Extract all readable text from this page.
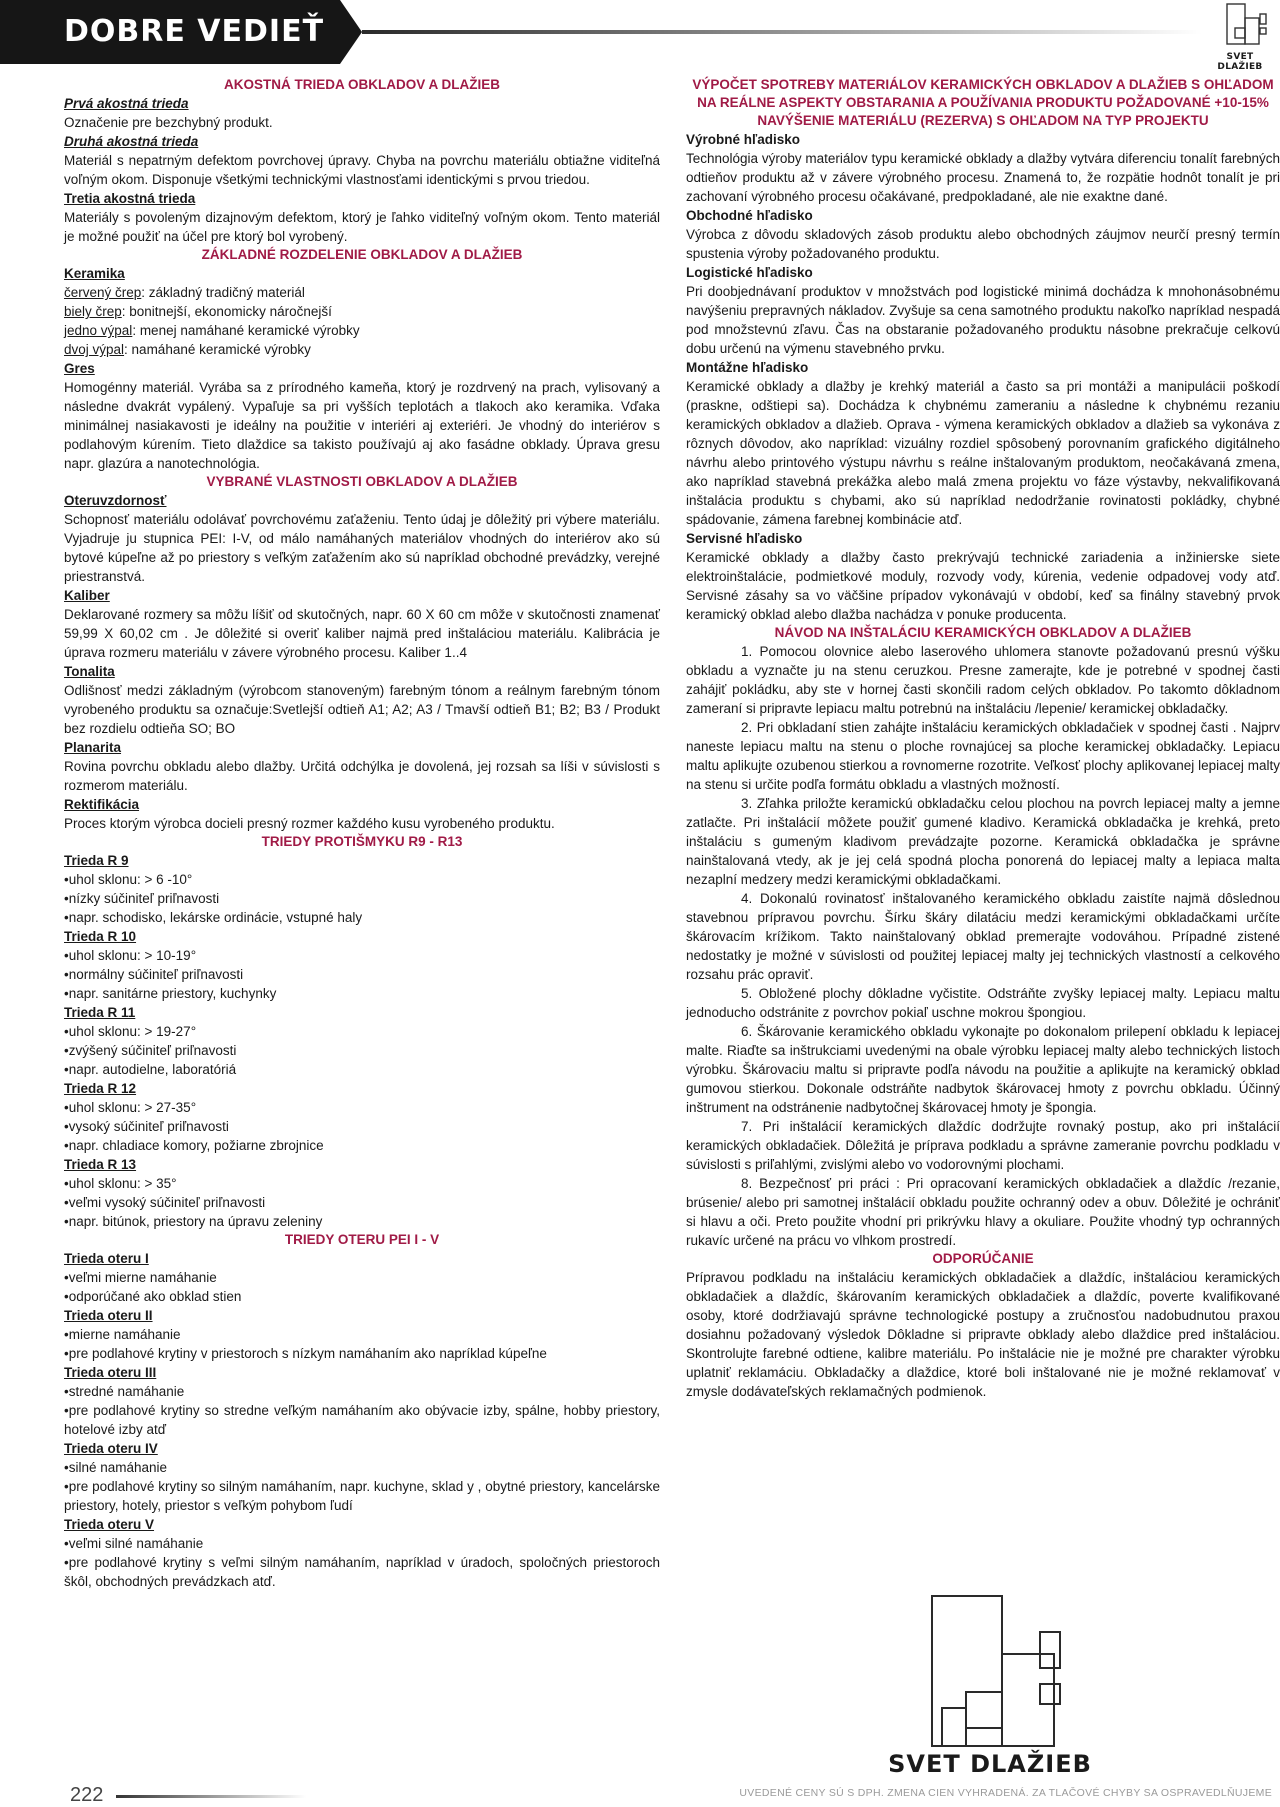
DOBRE VEDIEŤ
SVET DLAŽIEB

AKOSTNÁ TRIEDA OBKLADOV A DLAŽIEB

Prvá akostná trieda

Označenie pre bezchybný produkt.

Druhá akostná trieda

Materiál s nepatrným defektom povrchovej úpravy. Chyba na povrchu materiálu obtiažne viditeľná voľným okom. Disponuje všetkými technickými vlastnosťami identickými s prvou triedou.

Tretia akostná trieda

Materiály s povoleným dizajnovým defektom, ktorý je ľahko viditeľný voľným okom. Tento materiál je možné použiť na účel pre ktorý bol vyrobený.

ZÁKLADNÉ ROZDELENIE OBKLADOV A DLAŽIEB

Keramika

červený črep: základný tradičný materiál

biely črep: bonitnejší, ekonomicky náročnejší

jedno výpal: menej namáhané keramické výrobky

dvoj výpal: namáhané keramické výrobky

Gres

Homogénny materiál. Vyrába sa z prírodného kameňa, ktorý je rozdrvený na prach, vylisovaný a následne dvakrát vypálený. Vypaľuje sa pri vyšších teplotách a tlakoch ako keramika. Vďaka minimálnej nasiakavosti je ideálny na použitie v interiéri aj exteriéri. Je vhodný do interiérov s podlahovým kúrením. Tieto dlaždice sa takisto používajú aj ako fasádne obklady. Úprava gresu napr. glazúra a nanotechnológia.

VYBRANÉ VLASTNOSTI OBKLADOV A DLAŽIEB

Oteruvzdornosť

Schopnosť materiálu odolávať povrchovému zaťaženiu. Tento údaj je dôležitý pri výbere materiálu. Vyjadruje ju stupnica PEI: I-V, od málo namáhaných materiálov vhodných do interiérov ako sú bytové kúpeľne až po priestory s veľkým zaťažením ako sú napríklad obchodné prevádzky, verejné priestranstvá.

Kaliber

Deklarované rozmery sa môžu líšiť od skutočných, napr. 60 X 60 cm môže v skutočnosti znamenať 59,99 X 60,02 cm . Je dôležité si overiť kaliber najmä pred inštaláciou materiálu. Kalibrácia je úprava rozmeru materiálu v závere výrobného procesu. Kaliber 1..4

Tonalita

Odlišnosť medzi základným (výrobcom stanoveným) farebným tónom a reálnym farebným tónom vyrobeného produktu sa označuje:Svetlejší odtieň A1; A2; A3 / Tmavší odtieň B1; B2; B3 / Produkt bez rozdielu odtieňa SO; BO

Planarita

Rovina povrchu obkladu alebo dlažby. Určitá odchýlka je dovolená, jej rozsah sa líši v súvislosti s rozmerom materiálu.

Rektifikácia

Proces ktorým výrobca docieli presný rozmer každého kusu vyrobeného produktu.

TRIEDY PROTIŠMYKU R9 - R13

Trieda R 9

•uhol sklonu: > 6 -10°

•nízky súčiniteľ priľnavosti

•napr. schodisko, lekárske ordinácie, vstupné haly

Trieda R 10

•uhol sklonu: > 10-19°

•normálny súčiniteľ priľnavosti

•napr. sanitárne priestory, kuchynky

Trieda R 11

•uhol sklonu: > 19-27°

•zvýšený súčiniteľ priľnavosti

•napr. autodielne, laboratóriá

Trieda R 12

•uhol sklonu: > 27-35°

•vysoký súčiniteľ priľnavosti

•napr. chladiace komory, požiarne zbrojnice

Trieda R 13

•uhol sklonu: > 35°

•veľmi vysoký súčiniteľ priľnavosti

•napr. bitúnok, priestory na úpravu zeleniny

TRIEDY OTERU PEI I - V

Trieda oteru I

•veľmi mierne namáhanie

•odporúčané ako obklad stien

Trieda oteru II

•mierne namáhanie

•pre podlahové krytiny v priestoroch s nízkym namáhaním ako napríklad kúpeľne

Trieda oteru III

•stredné namáhanie

•pre podlahové krytiny so stredne veľkým namáhaním ako obývacie izby, spálne, hobby priestory, hotelové izby atď

Trieda oteru IV

•silné namáhanie

•pre podlahové krytiny so silným namáhaním, napr. kuchyne, sklad y , obytné priestory, kancelárske priestory, hotely, priestor s veľkým pohybom ľudí

Trieda oteru V

•veľmi silné namáhanie

•pre podlahové krytiny s veľmi silným namáhaním, napríklad v úradoch, spoločných priestoroch škôl, obchodných prevádzkach atď.

VÝPOČET SPOTREBY MATERIÁLOV KERAMICKÝCH OBKLADOV A DLAŽIEB S OHĽADOM NA REÁLNE ASPEKTY OBSTARANIA A POUŽÍVANIA PRODUKTU POŽADOVANÉ +10-15% NAVÝŠENIE MATERIÁLU (REZERVA) S OHĽADOM NA TYP PROJEKTU

Výrobné hľadisko

Technológia výroby materiálov typu keramické obklady a dlažby vytvára diferenciu tonalít farebných odtieňov produktu až v závere výrobného procesu. Znamená to, že rozpätie hodnôt tonalít je pri zachovaní výrobného procesu očakávané, predpokladané, ale nie exaktne dané.

Obchodné hľadisko

Výrobca z dôvodu skladových zásob produktu alebo obchodných záujmov neurčí presný termín spustenia výroby požadovaného produktu.

Logistické hľadisko

Pri doobjednávaní produktov v množstvách pod logistické minimá dochádza k mnohonásobnému navýšeniu prepravných nákladov. Zvyšuje sa cena samotného produktu nakoľko napríklad nespadá pod množstevnú zľavu. Čas na obstaranie požadovaného produktu násobne prekračuje celkovú dobu určenú na výmenu stavebného prvku.

Montážne hľadisko

Keramické obklady a dlažby je krehký materiál a často sa pri montáži a manipulácii poškodí (praskne, odštiepi sa). Dochádza k chybnému zameraniu a následne k chybnému rezaniu keramických obkladov a dlažieb. Oprava - výmena keramických obkladov a dlažieb sa vykonáva z rôznych dôvodov, ako napríklad: vizuálny rozdiel spôsobený porovnaním grafického digitálneho návrhu alebo printového výstupu návrhu s reálne inštalovaným produktom, neočakávaná zmena, ako napríklad stavebná prekážka alebo malá zmena projektu vo fáze výstavby, nekvalifikovaná inštalácia produktu s chybami, ako sú napríklad nedodržanie rovinatosti pokládky, chybné spádovanie, zámena farebnej kombinácie atď.

Servisné hľadisko

Keramické obklady a dlažby často prekrývajú technické zariadenia a inžinierske siete elektroinštalácie, podmietkové moduly, rozvody vody, kúrenia, vedenie odpadovej vody atď. Servisné zásahy sa vo väčšine prípadov vykonávajú v období, keď sa finálny stavebný prvok keramický obklad alebo dlažba nachádza v ponuke producenta.

NÁVOD NA INŠTALÁCIU KERAMICKÝCH OBKLADOV A DLAŽIEB

1. Pomocou olovnice alebo laserového uhlomera stanovte požadovanú presnú výšku obkladu a vyznačte ju na stenu ceruzkou. Presne zamerajte, kde je potrebné v spodnej časti zahájiť pokládku, aby ste v hornej časti skončili radom celých obkladov. Po takomto dôkladnom zameraní si pripravte lepiacu maltu potrebnú na inštaláciu /lepenie/ keramickej obkladačky.

2. Pri obkladaní stien zahájte inštaláciu keramických obkladačiek v spodnej časti . Najprv naneste lepiacu maltu na stenu o ploche rovnajúcej sa ploche keramickej obkladačky. Lepiacu maltu aplikujte ozubenou stierkou a rovnomerne rozotrite. Veľkosť plochy aplikovanej lepiacej malty na stenu si určite podľa formátu obkladu a vlastných možností.

3. Zľahka priložte keramickú obkladačku celou plochou na povrch lepiacej malty a jemne zatlačte. Pri inštalácií môžete použiť gumené kladivo. Keramická obkladačka je krehká, preto inštaláciu s gumeným kladivom prevádzajte pozorne. Keramická obkladačka je správne nainštalovaná vtedy, ak je jej celá spodná plocha ponorená do lepiacej malty a lepiaca malta nezaplní medzery medzi keramickými obkladačkami.

4. Dokonalú rovinatosť inštalovaného keramického obkladu zaistíte najmä dôslednou stavebnou prípravou povrchu. Šírku škáry dilatáciu medzi keramickými obkladačkami určíte škárovacím krížikom. Takto nainštalovaný obklad premerajte vodováhou. Prípadné zistené nedostatky je možné v súvislosti od použitej lepiacej malty jej technických vlastností a celkového rozsahu prác opraviť.

5. Obložené plochy dôkladne vyčistite. Odstráňte zvyšky lepiacej malty. Lepiacu maltu jednoducho odstránite z povrchov pokiaľ uschne mokrou špongiou.

6. Škárovanie keramického obkladu vykonajte po dokonalom prilepení obkladu k lepiacej malte. Riaďte sa inštrukciami uvedenými na obale výrobku lepiacej malty alebo technických listoch výrobku. Škárovaciu maltu si pripravte podľa návodu na použitie a aplikujte na keramický obklad gumovou stierkou. Dokonale odstráňte nadbytok škárovacej hmoty z povrchu obkladu. Účinný inštrument na odstránenie nadbytočnej škárovacej hmoty je špongia.

7. Pri inštalácií keramických dlaždíc dodržujte rovnaký postup, ako pri inštalácií keramických obkladačiek. Dôležitá je príprava podkladu a správne zameranie povrchu podkladu v súvislosti s priľahlými, zvislými alebo vo vodorovnými plochami.

8. Bezpečnosť pri práci : Pri opracovaní keramických obkladačiek a dlaždíc /rezanie, brúsenie/ alebo pri samotnej inštalácií obkladu použite ochranný odev a obuv. Dôležité je ochrániť si hlavu a oči. Preto použite vhodní pri prikrývku hlavy a okuliare. Použite vhodný typ ochranných rukavíc určené na prácu vo vlhkom prostredí.

ODPORÚČANIE

Prípravou podkladu na inštaláciu keramických obkladačiek a dlaždíc, inštaláciou keramických obkladačiek a dlaždíc, škárovaním keramických obkladačiek a dlaždíc, poverte kvalifikované osoby, ktoré dodržiavajú správne technologické postupy a zručnosťou nadobudnutou praxou dosiahnu požadovaný výsledok Dôkladne si pripravte obklady alebo dlaždice pred inštaláciou. Skontrolujte farebné odtiene, kalibre materiálu. Po inštalácie nie je možné pre charakter výrobku uplatniť reklamáciu. Obkladačky a dlaždice, ktoré boli inštalované nie je možné reklamovať v zmysle dodávateľských reklamačných podmienok.

SVET DLAŽIEB
222	UVEDENÉ CENY SÚ S DPH. ZMENA CIEN VYHRADENÁ. ZA TLAČOVÉ CHYBY SA OSPRAVEDLŇUJEME
